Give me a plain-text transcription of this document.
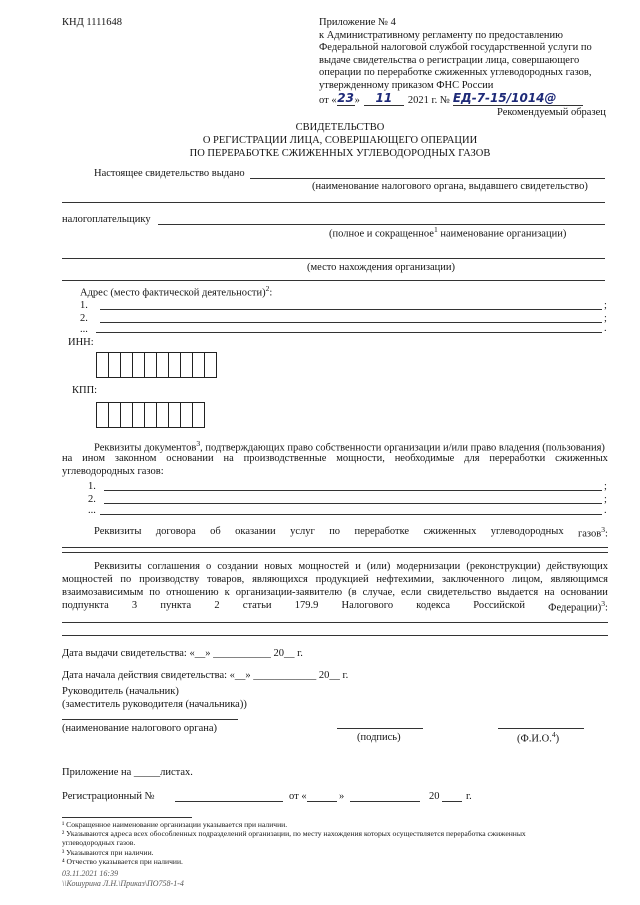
КНД 1111648	Приложение № 4
к Административному регламенту по предоставлению
Федеральной налоговой службой государственной услуги по
выдаче свидетельства о регистрации лица, совершающего
операции по переработке сжиженных углеводородных газов,
утвержденному приказом ФНС России
от « 23 »	11	2021 г. № ЕД-7-15/1014@
Рекомендуемый образец
СВИДЕТЕЛЬСТВО
О РЕГИСТРАЦИИ ЛИЦА, СОВЕРШАЮЩЕГО ОПЕРАЦИИ
ПО ПЕРЕРАБОТКЕ СЖИЖЕННЫХ УГЛЕВОДОРОДНЫХ ГАЗОВ
Настоящее свидетельство выдано
(наименование налогового органа, выдавшего свидетельство)
налогоплательщику
(полное и сокращенное$^1$ наименование организации)
(место нахождения организации)
Адрес (место фактической деятельности)$^2$:
1.	;
2.	;
...	.
ИНН:
КПП:
Реквизиты документов$^3$, подтверждающих право собственности организации и/или право владения (пользования)
на ином законном основании на производственные мощности, необходимые для переработки сжиженных
углеводородных газов:
1.	;
2.	;
...	.
Реквизиты договора об оказании услуг по переработке сжиженных углеводородных газов$^3$:
Реквизиты соглашения о создании новых мощностей и (или) модернизации (реконструкции) действующих
мощностей по производству товаров, являющихся продукцией нефтехимии, заключенного лицом, являющимся
взаимозависимым по отношению к организации-заявителю (в случае, если свидетельство выдается на основании
подпункта 3 пункта 2 статьи 179.9 Налогового кодекса Российской Федерации)$^3$:
Дата выдачи свидетельства: «__» ___________ 20__ г.
Дата начала действия свидетельства: «__» ____________ 20__ г.
Руководитель (начальник)
(заместитель руководителя (начальника))
(наименование налогового органа)
(подпись)	(Ф.И.О.$^4$)
Приложение на _____листах.
Регистрационный №	от «	»	20	г.
¹ Сокращенное наименование организации указывается при наличии.
² Указываются адреса всех обособленных подразделений организации, по месту нахождения которых осуществляется переработка сжиженных
углеводородных газов.
³ Указываются при наличии.
⁴ Отчество указывается при наличии.
03.11.2021 16:39
\\Кошурина Л.Н.\Приказ\ПО758-1-4
